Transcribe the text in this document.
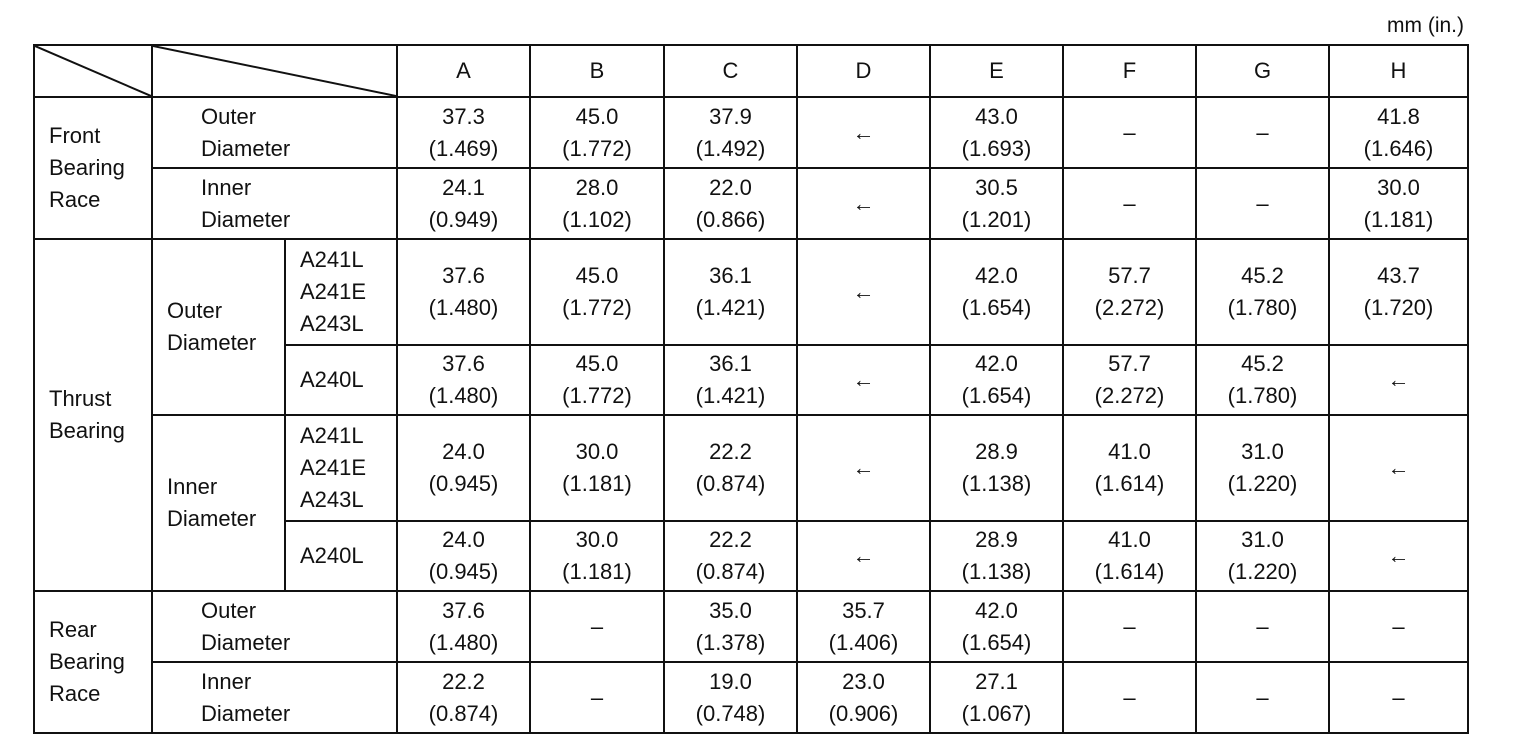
mm (in.)

	A	B	C	D	E	F	G	H

Front
Bearing
Race	Outer
Diameter		37.3
(1.469)	45.0
(1.772)	37.9
(1.492)	←	43.0
(1.693)	–	–	41.8
(1.646)

	Inner
Diameter		24.1
(0.949)	28.0
(1.102)	22.0
(0.866)	←	30.5
(1.201)	–	–	30.0
(1.181)

Thrust
Bearing	Outer
Diameter	A241L
A241E
A243L	37.6
(1.480)	45.0
(1.772)	36.1
(1.421)	←	42.0
(1.654)	57.7
(2.272)	45.2
(1.780)	43.7
(1.720)

		A240L	37.6
(1.480)	45.0
(1.772)	36.1
(1.421)	←	42.0
(1.654)	57.7
(2.272)	45.2
(1.780)	←

	Inner
Diameter	A241L
A241E
A243L	24.0
(0.945)	30.0
(1.181)	22.2
(0.874)	←	28.9
(1.138)	41.0
(1.614)	31.0
(1.220)	←

		A240L	24.0
(0.945)	30.0
(1.181)	22.2
(0.874)	←	28.9
(1.138)	41.0
(1.614)	31.0
(1.220)	←

Rear
Bearing
Race	Outer
Diameter		37.6
(1.480)	–	35.0
(1.378)	35.7
(1.406)	42.0
(1.654)	–	–	–

	Inner
Diameter		22.2
(0.874)	–	19.0
(0.748)	23.0
(0.906)	27.1
(1.067)	–	–	–
